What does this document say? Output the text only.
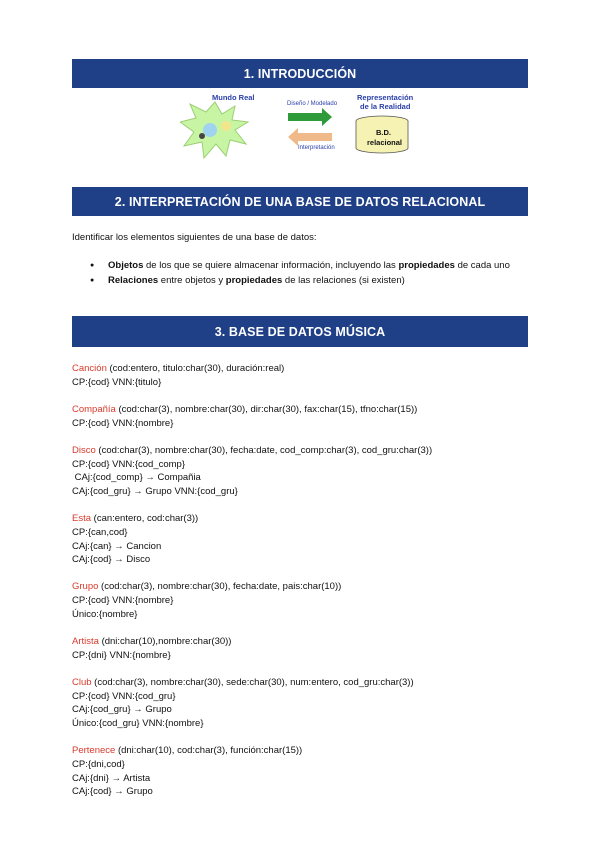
1. INTRODUCCIÓN
Mundo Real	Representación
de la Realidad
Diseño / Modelado
Interpretación
B.D.
relacional
2. INTERPRETACIÓN DE UNA BASE DE DATOS RELACIONAL
Identificar los elementos siguientes de una base de datos:
● Objetos de los que se quiere almacenar información, incluyendo las propiedades de cada uno
● Relaciones entre objetos y propiedades de las relaciones (si existen)
3. BASE DE DATOS MÚSICA
Canción (cod:entero, titulo:char(30), duración:real)
CP:{cod} VNN:{titulo}
Compañía (cod:char(3), nombre:char(30), dir:char(30), fax:char(15), tfno:char(15))
CP:{cod} VNN:{nombre}
Disco (cod:char(3), nombre:char(30), fecha:date, cod_comp:char(3), cod_gru:char(3))
CP:{cod} VNN:{cod_comp}
CAj:{cod_comp} → Compañia
CAj:{cod_gru} → Grupo VNN:{cod_gru}
Esta (can:entero, cod:char(3))
CP:{can,cod}
CAj:{can} → Cancion
CAj:{cod} → Disco
Grupo (cod:char(3), nombre:char(30), fecha:date, pais:char(10))
CP:{cod} VNN:{nombre}
Único:{nombre}
Artista (dni:char(10),nombre:char(30))
CP:{dni} VNN:{nombre}
Club (cod:char(3), nombre:char(30), sede:char(30), num:entero, cod_gru:char(3))
CP:{cod} VNN:{cod_gru}
CAj:{cod_gru} → Grupo
Único:{cod_gru} VNN:{nombre}
Pertenece (dni:char(10), cod:char(3), función:char(15))
CP:{dni,cod}
CAj:{dni} → Artista
CAj:{cod} → Grupo
